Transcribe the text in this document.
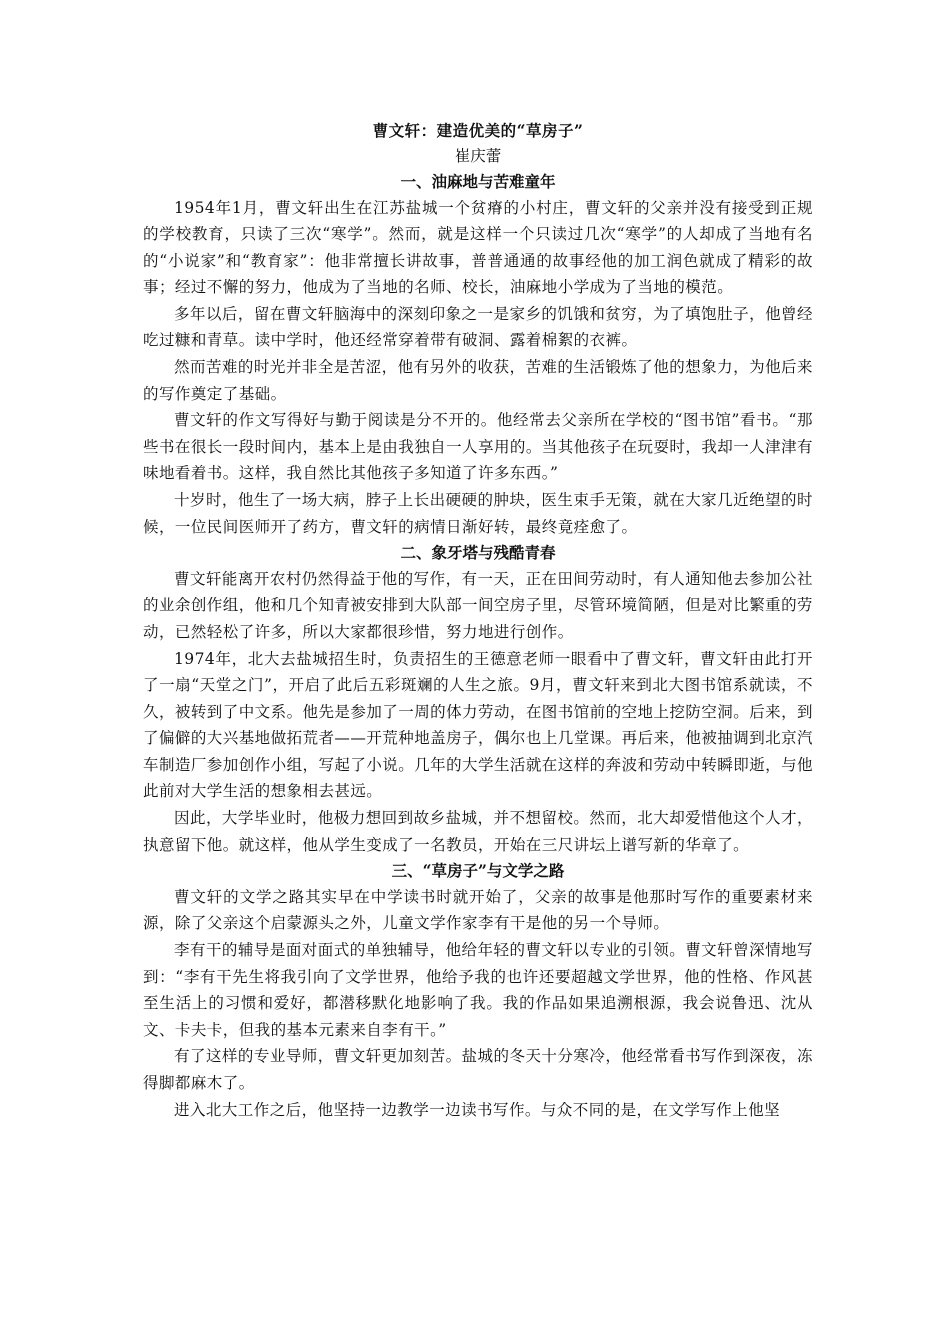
曹文轩：建造优美的“草房子”
崔庆蕾
一、油麻地与苦难童年

1954年1月，曹文轩出生在江苏盐城一个贫瘠的小村庄，曹文轩的父亲并没有接受到正规的学校教育，只读了三次“寒学”。然而，就是这样一个只读过几次“寒学”的人却成了当地有名的“小说家”和“教育家”：他非常擅长讲故事，普普通通的故事经他的加工润色就成了精彩的故事；经过不懈的努力，他成为了当地的名师、校长，油麻地小学成为了当地的模范。

多年以后，留在曹文轩脑海中的深刻印象之一是家乡的饥饿和贫穷，为了填饱肚子，他曾经吃过糠和青草。读中学时，他还经常穿着带有破洞、露着棉絮的衣裤。

然而苦难的时光并非全是苦涩，他有另外的收获，苦难的生活锻炼了他的想象力，为他后来的写作奠定了基础。

曹文轩的作文写得好与勤于阅读是分不开的。他经常去父亲所在学校的“图书馆”看书。“那些书在很长一段时间内，基本上是由我独自一人享用的。当其他孩子在玩耍时，我却一人津津有味地看着书。这样，我自然比其他孩子多知道了许多东西。”

十岁时，他生了一场大病，脖子上长出硬硬的肿块，医生束手无策，就在大家几近绝望的时候，一位民间医师开了药方，曹文轩的病情日渐好转，最终竟痊愈了。

二、象牙塔与残酷青春

曹文轩能离开农村仍然得益于他的写作，有一天，正在田间劳动时，有人通知他去参加公社的业余创作组，他和几个知青被安排到大队部一间空房子里，尽管环境简陋，但是对比繁重的劳动，已然轻松了许多，所以大家都很珍惜，努力地进行创作。

1974年，北大去盐城招生时，负责招生的王德意老师一眼看中了曹文轩，曹文轩由此打开了一扇“天堂之门”，开启了此后五彩斑斓的人生之旅。9月，曹文轩来到北大图书馆系就读，不久，被转到了中文系。他先是参加了一周的体力劳动，在图书馆前的空地上挖防空洞。后来，到了偏僻的大兴基地做拓荒者——开荒种地盖房子，偶尔也上几堂课。再后来，他被抽调到北京汽车制造厂参加创作小组，写起了小说。几年的大学生活就在这样的奔波和劳动中转瞬即逝，与他此前对大学生活的想象相去甚远。

因此，大学毕业时，他极力想回到故乡盐城，并不想留校。然而，北大却爱惜他这个人才，执意留下他。就这样，他从学生变成了一名教员，开始在三尺讲坛上谱写新的华章了。

三、“草房子”与文学之路

曹文轩的文学之路其实早在中学读书时就开始了，父亲的故事是他那时写作的重要素材来源，除了父亲这个启蒙源头之外，儿童文学作家李有干是他的另一个导师。

李有干的辅导是面对面式的单独辅导，他给年轻的曹文轩以专业的引领。曹文轩曾深情地写到：“李有干先生将我引向了文学世界，他给予我的也许还要超越文学世界，他的性格、作风甚至生活上的习惯和爱好，都潜移默化地影响了我。我的作品如果追溯根源，我会说鲁迅、沈从文、卡夫卡，但我的基本元素来自李有干。”

有了这样的专业导师，曹文轩更加刻苦。盐城的冬天十分寒冷，他经常看书写作到深夜，冻得脚都麻木了。

进入北大工作之后，他坚持一边教学一边读书写作。与众不同的是，在文学写作上他坚
